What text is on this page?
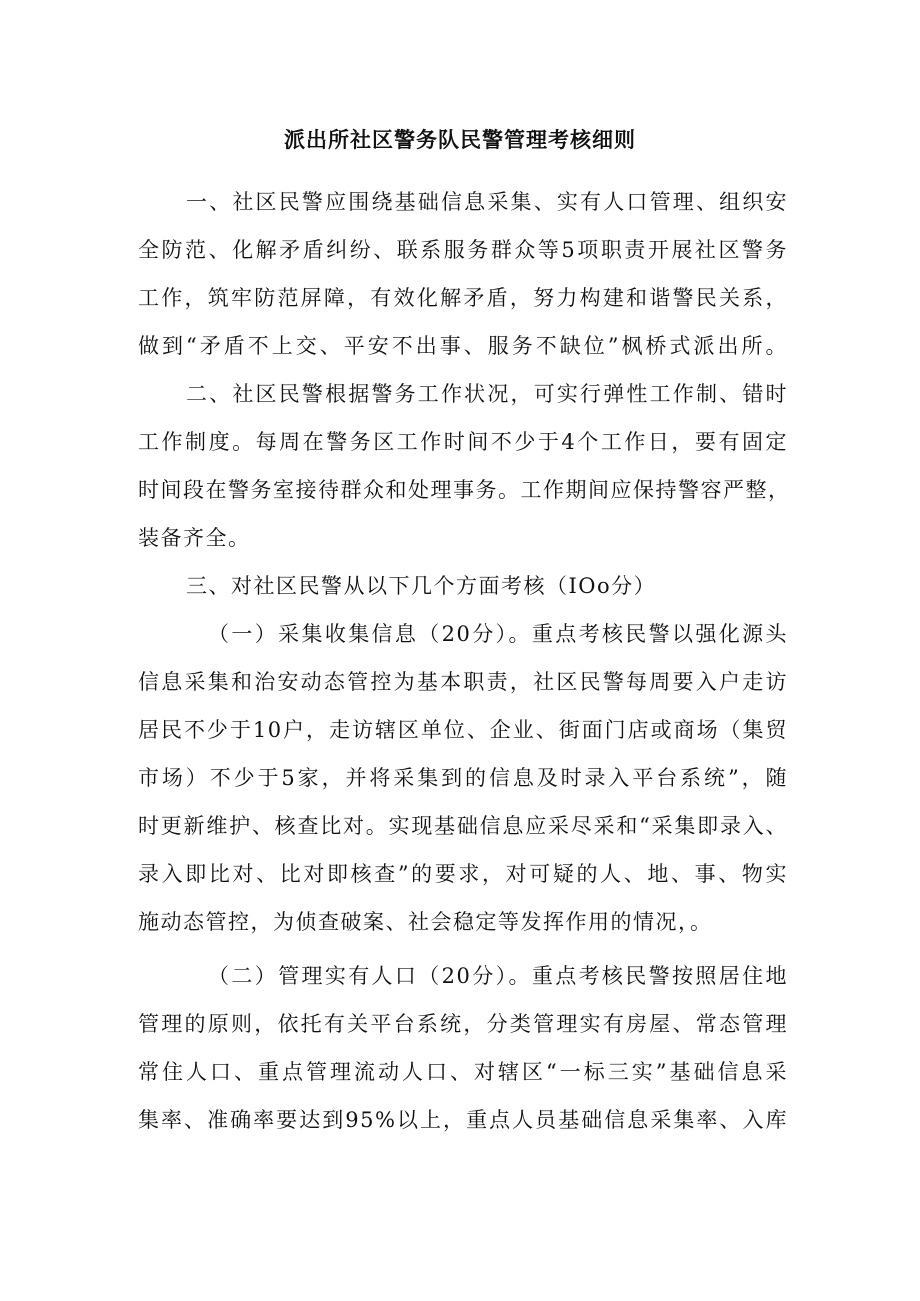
派出所社区警务队民警管理考核细则
一、社区民警应围绕基础信息采集、实有人口管理、组织安
全防范、化解矛盾纠纷、联系服务群众等5项职责开展社区警务
工作，筑牢防范屏障，有效化解矛盾，努力构建和谐警民关系，
做到“矛盾不上交、平安不出事、服务不缺位”枫桥式派出所。
二、社区民警根据警务工作状况，可实行弹性工作制、错时
工作制度。每周在警务区工作时间不少于4个工作日，要有固定
时间段在警务室接待群众和处理事务。工作期间应保持警容严整，
装备齐全。
三、对社区民警从以下几个方面考核（IOo分）
（一）采集收集信息（20分）。重点考核民警以强化源头
信息采集和治安动态管控为基本职责，社区民警每周要入户走访
居民不少于10户，走访辖区单位、企业、街面门店或商场（集贸
市场）不少于5家，并将采集到的信息及时录入平台系统”，随
时更新维护、核查比对。实现基础信息应采尽采和“采集即录入、
录入即比对、比对即核查”的要求，对可疑的人、地、事、物实
施动态管控，为侦查破案、社会稳定等发挥作用的情况，。
（二）管理实有人口（20分）。重点考核民警按照居住地
管理的原则，依托有关平台系统，分类管理实有房屋、常态管理
常住人口、重点管理流动人口、对辖区“一标三实”基础信息采
集率、准确率要达到95%以上，重点人员基础信息采集率、入库
